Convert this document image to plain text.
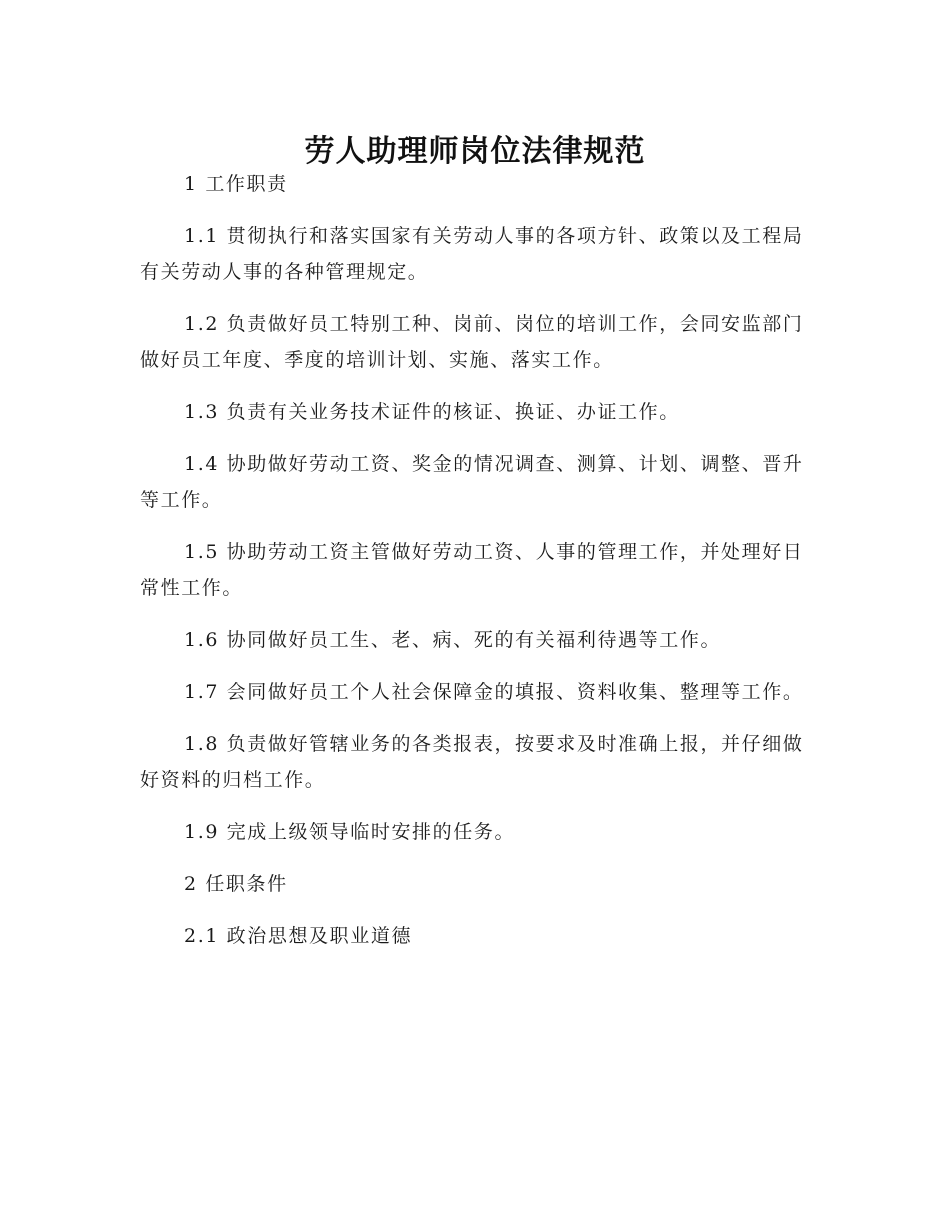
劳人助理师岗位法律规范

1 工作职责

1.1 贯彻执行和落实国家有关劳动人事的各项方针、政策以及工程局有关劳动人事的各种管理规定。

1.2 负责做好员工特别工种、岗前、岗位的培训工作，会同安监部门做好员工年度、季度的培训计划、实施、落实工作。

1.3 负责有关业务技术证件的核证、换证、办证工作。

1.4 协助做好劳动工资、奖金的情况调查、测算、计划、调整、晋升等工作。

1.5 协助劳动工资主管做好劳动工资、人事的管理工作，并处理好日常性工作。

1.6 协同做好员工生、老、病、死的有关福利待遇等工作。

1.7 会同做好员工个人社会保障金的填报、资料收集、整理等工作。

1.8 负责做好管辖业务的各类报表，按要求及时准确上报，并仔细做好资料的归档工作。

1.9 完成上级领导临时安排的任务。

2 任职条件

2.1 政治思想及职业道德
